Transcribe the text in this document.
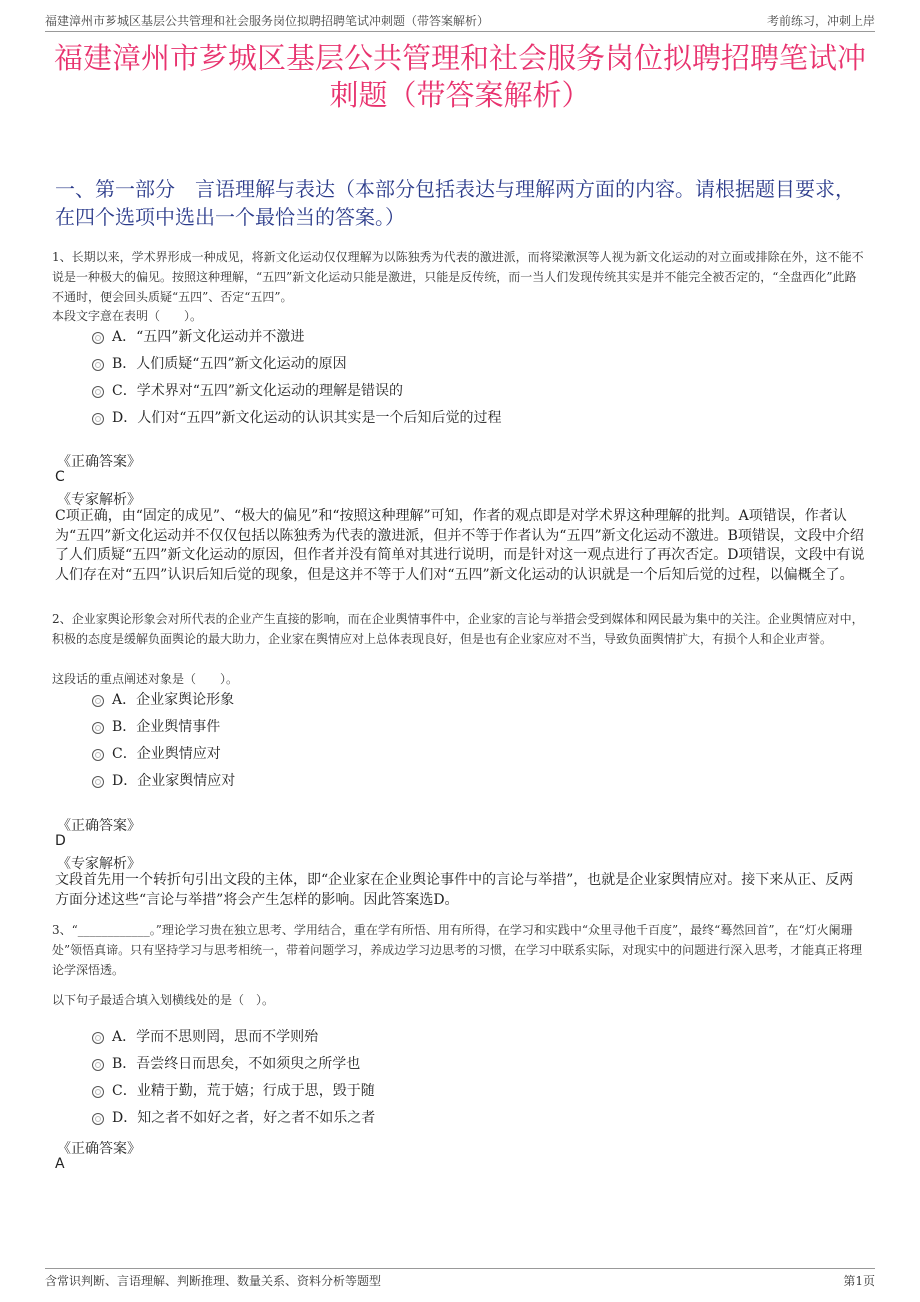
福建漳州市芗城区基层公共管理和社会服务岗位拟聘招聘笔试冲刺题（带答案解析）	考前练习，冲刺上岸
福建漳州市芗城区基层公共管理和社会服务岗位拟聘招聘笔试冲刺题（带答案解析）
一、第一部分　言语理解与表达（本部分包括表达与理解两方面的内容。请根据题目要求，在四个选项中选出一个最恰当的答案。）
1、长期以来，学术界形成一种成见，将新文化运动仅仅理解为以陈独秀为代表的激进派，而将梁漱溟等人视为新文化运动的对立面或排除在外，这不能不说是一种极大的偏见。按照这种理解，“五四”新文化运动只能是激进，只能是反传统，而一当人们发现传统其实是并不能完全被否定的，“全盘西化”此路不通时，便会回头质疑“五四”、否定“五四”。
本段文字意在表明（　　）。
A．“五四”新文化运动并不激进
B．人们质疑“五四”新文化运动的原因
C．学术界对“五四”新文化运动的理解是错误的
D．人们对“五四”新文化运动的认识其实是一个后知后觉的过程
《正确答案》
C
《专家解析》
C项正确，由“固定的成见”、“极大的偏见”和“按照这种理解”可知，作者的观点即是对学术界这种理解的批判。A项错误，作者认为“五四”新文化运动并不仅仅包括以陈独秀为代表的激进派，但并不等于作者认为“五四”新文化运动不激进。B项错误，文段中介绍了人们质疑“五四”新文化运动的原因，但作者并没有简单对其进行说明，而是针对这一观点进行了再次否定。D项错误，文段中有说人们存在对“五四”认识后知后觉的现象，但是这并不等于人们对“五四”新文化运动的认识就是一个后知后觉的过程，以偏概全了。
2、企业家舆论形象会对所代表的企业产生直接的影响，而在企业舆情事件中，企业家的言论与举措会受到媒体和网民最为集中的关注。企业舆情应对中，积极的态度是缓解负面舆论的最大助力，企业家在舆情应对上总体表现良好，但是也有企业家应对不当，导致负面舆情扩大，有损个人和企业声誉。
这段话的重点阐述对象是（　　）。
A．企业家舆论形象
B．企业舆情事件
C．企业舆情应对
D．企业家舆情应对
《正确答案》
D
《专家解析》
文段首先用一个转折句引出文段的主体，即“企业家在企业舆论事件中的言论与举措”，也就是企业家舆情应对。接下来从正、反两方面分述这些“言论与举措”将会产生怎样的影响。因此答案选D。
3、“____________。”理论学习贵在独立思考、学用结合，重在学有所悟、用有所得，在学习和实践中“众里寻他千百度”，最终“蓦然回首”，在“灯火阑珊处”领悟真谛。只有坚持学习与思考相统一，带着问题学习，养成边学习边思考的习惯，在学习中联系实际，对现实中的问题进行深入思考，才能真正将理论学深悟透。
以下句子最适合填入划横线处的是（　）。
A．学而不思则罔，思而不学则殆
B．吾尝终日而思矣，不如须臾之所学也
C．业精于勤，荒于嬉；行成于思，毁于随
D．知之者不如好之者，好之者不如乐之者
《正确答案》
A
含常识判断、言语理解、判断推理、数量关系、资料分析等题型	第1页
